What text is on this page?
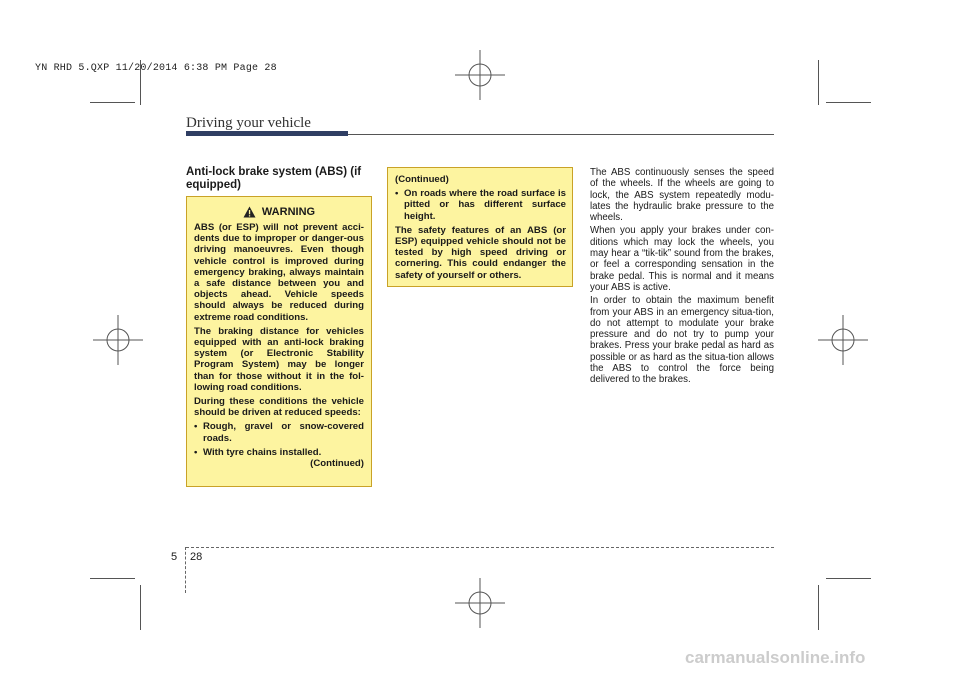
YN RHD 5.QXP 11/20/2014 6:38 PM Page 28
Driving your vehicle
Anti-lock brake system (ABS) (if equipped)
WARNING

ABS (or ESP) will not prevent acci-dents due to improper or danger-ous driving manoeuvres. Even though vehicle control is improved during emergency braking, always maintain a safe distance between you and objects ahead. Vehicle speeds should always be reduced during extreme road conditions.

The braking distance for vehicles equipped with an anti-lock braking system (or Electronic Stability Program System) may be longer than for those without it in the fol-lowing road conditions.

During these conditions the vehicle should be driven at reduced speeds:

• Rough, gravel or snow-covered roads.
• With tyre chains installed.

(Continued)

(Continued)

• On roads where the road surface is pitted or has different surface height.

The safety features of an ABS (or ESP) equipped vehicle should not be tested by high speed driving or cornering. This could endanger the safety of yourself or others.

The ABS continuously senses the speed of the wheels. If the wheels are going to lock, the ABS system repeatedly modu-lates the hydraulic brake pressure to the wheels.

When you apply your brakes under con-ditions which may lock the wheels, you may hear a “tik-tik” sound from the brakes, or feel a corresponding sensation in the brake pedal. This is normal and it means your ABS is active.

In order to obtain the maximum benefit from your ABS in an emergency situa-tion, do not attempt to modulate your brake pressure and do not try to pump your brakes. Press your brake pedal as hard as possible or as hard as the situa-tion allows the ABS to control the force being delivered to the brakes.

5 28
carmanualsonline.info
